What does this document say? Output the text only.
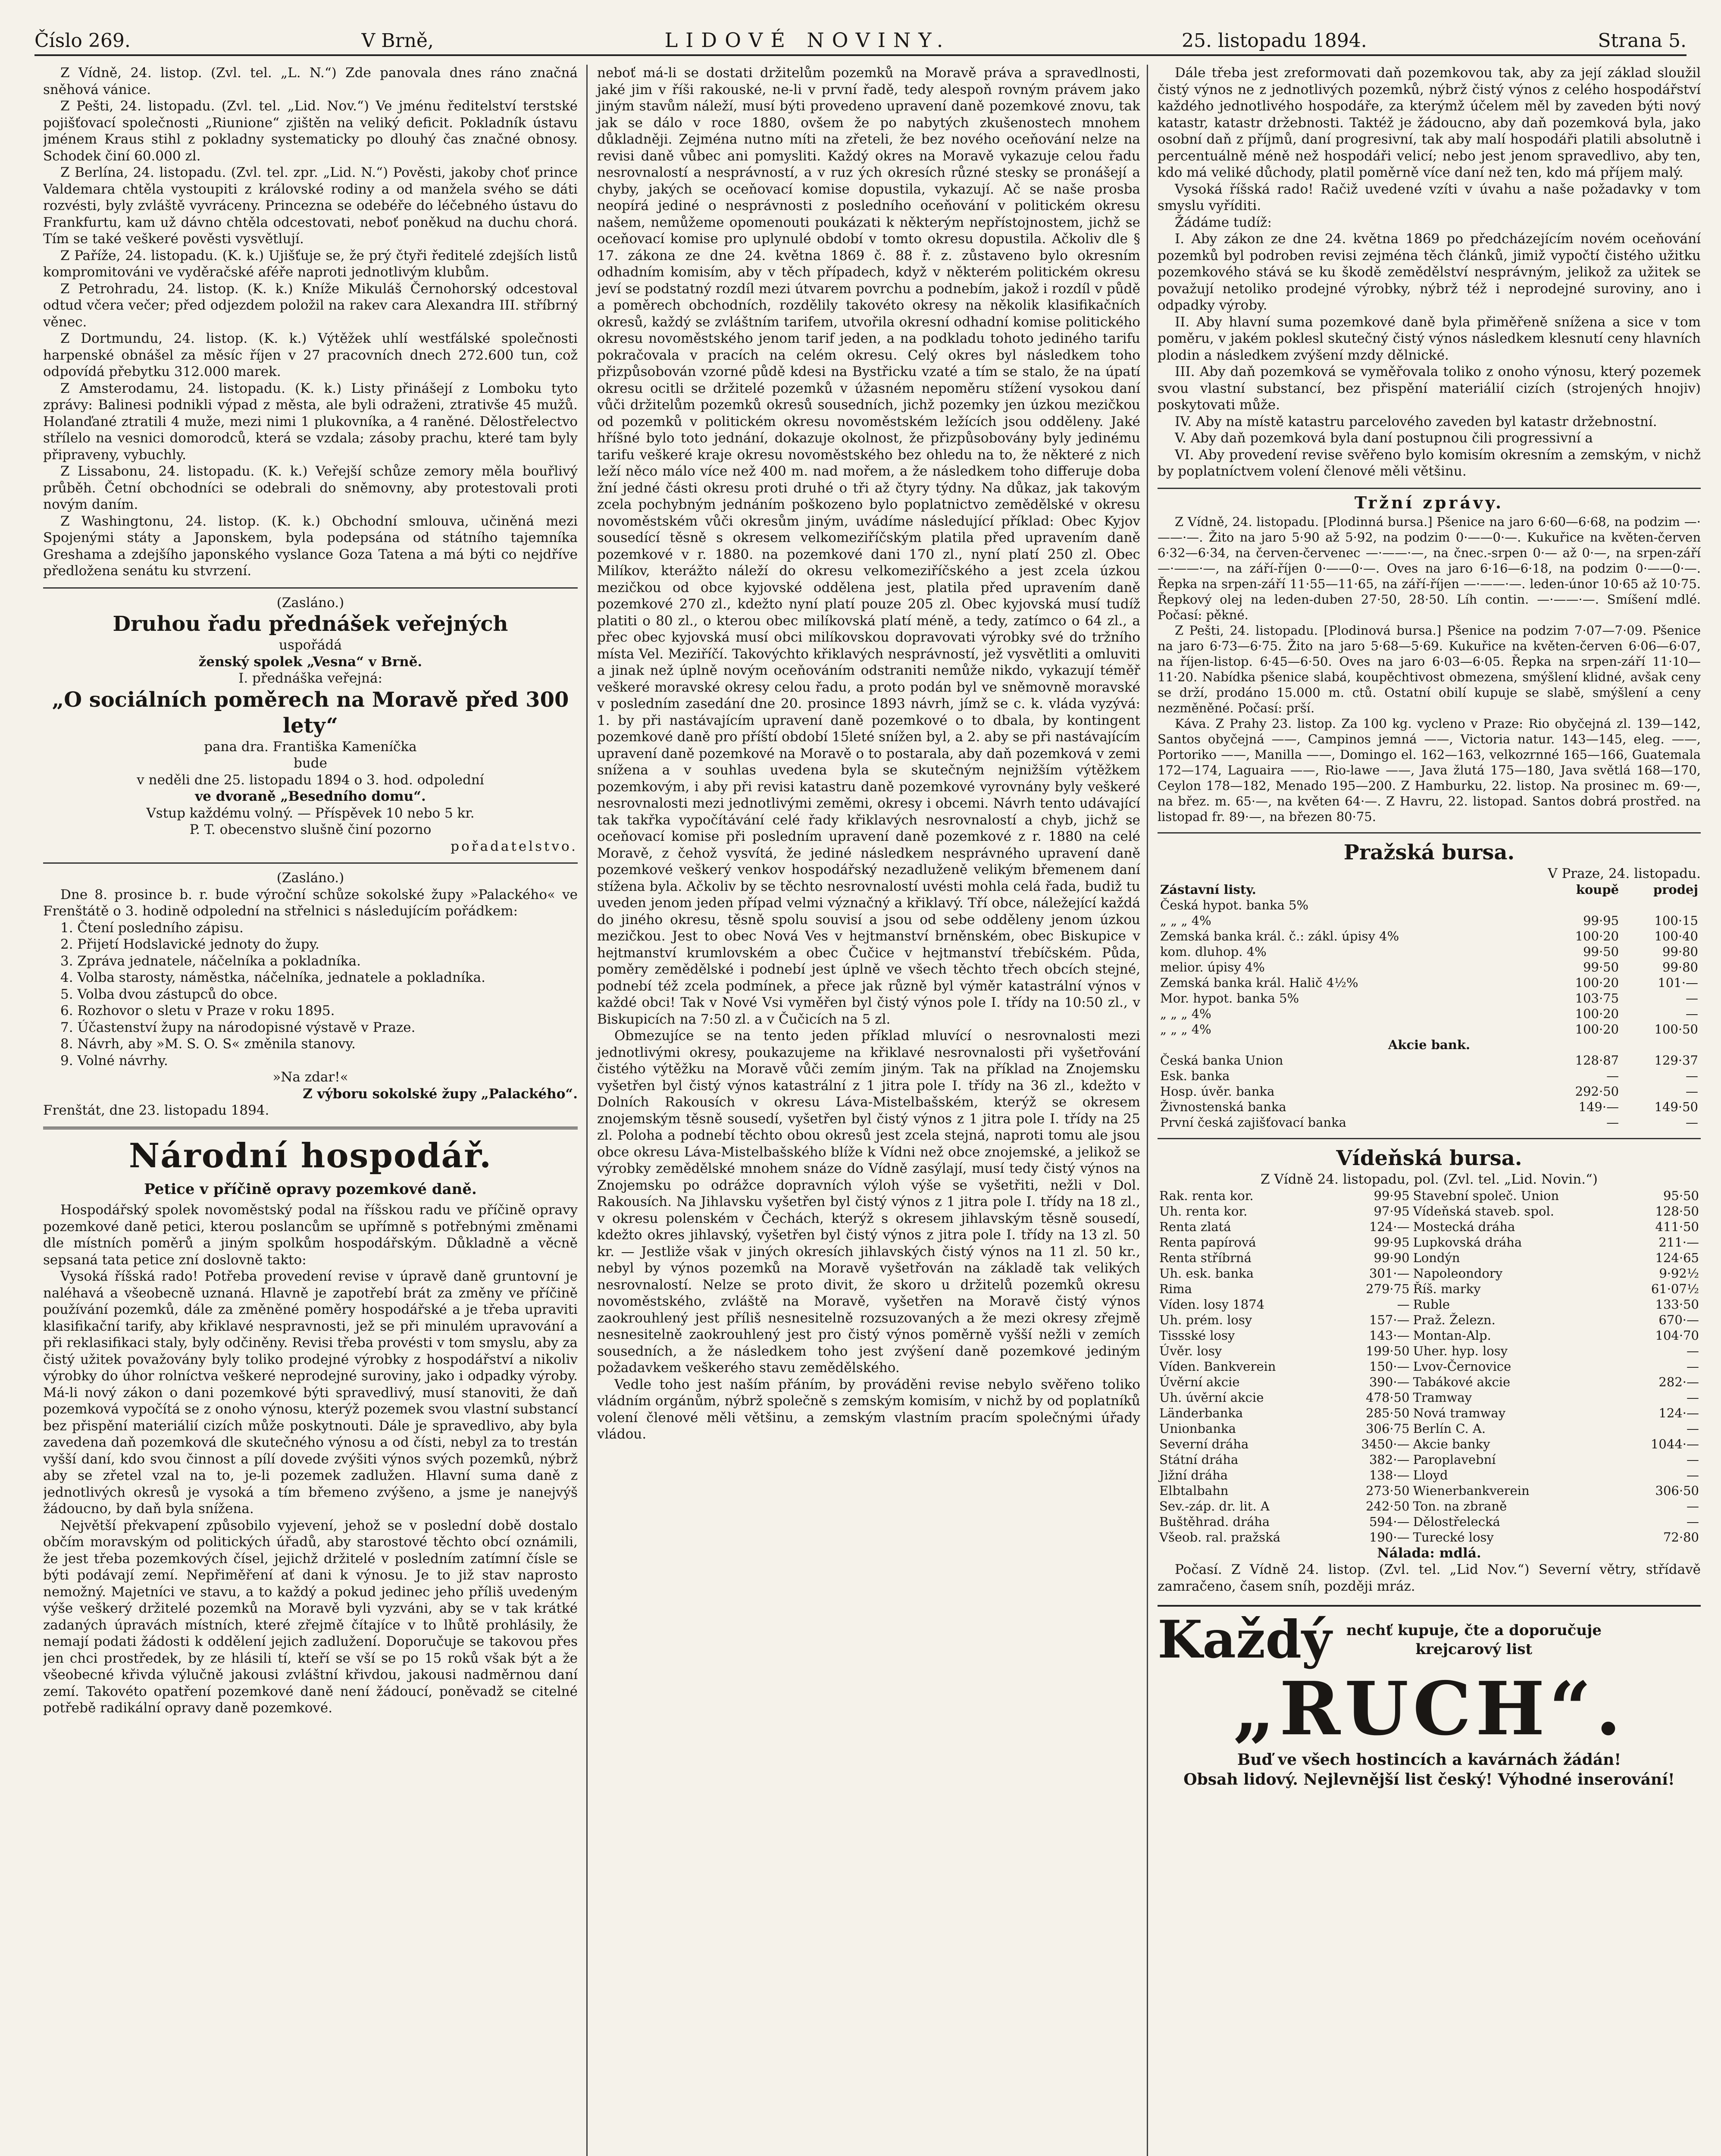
Číslo 269.	V Brně,	LIDOVÉ NOVINY.	25. listopadu 1894.	Strana 5.

Z Vídně, 24. listop. (Zvl. tel. „L. N.“) Zde panovala dnes ráno značná sněhová vánice.

Z Pešti, 24. listopadu. (Zvl. tel. „Lid. Nov.“) Ve jménu ředitelství terstské pojišťovací společnosti „Riunione“ zjištěn na veliký deficit. Pokladník ústavu jménem Kraus stihl z pokladny systematicky po dlouhý čas značné obnosy. Schodek činí 60.000 zl.

Z Berlína, 24. listopadu. (Zvl. tel. zpr. „Lid. N.“) Pověsti, jakoby choť prince Valdemara chtěla vystoupiti z královské rodiny a od manžela svého se dáti rozvésti, byly zvláště vyvráceny. Princezna se odebéře do léčebného ústavu do Frankfurtu, kam už dávno chtěla odcestovati, neboť poněkud na duchu chorá. Tím se také veškeré pověsti vysvětlují.

Z Paříže, 24. listopadu. (K. k.) Ujišťuje se, že prý čtyři ředitelé zdejších listů kompromitováni ve vyděračské aféře naproti jednotlivým klubům.

Z Petrohradu, 24. listop. (K. k.) Kníže Mikuláš Černohorský odcestoval odtud včera večer; před odjezdem položil na rakev cara Alexandra III. stříbrný věnec.

Z Dortmundu, 24. listop. (K. k.) Výtěžek uhlí westfálské společnosti harpenské obnášel za měsíc říjen v 27 pracovních dnech 272.600 tun, což odpovídá přebytku 312.000 marek.

Z Amsterodamu, 24. listopadu. (K. k.) Listy přinášejí z Lomboku tyto zprávy: Balinesi podnikli výpad z města, ale byli odraženi, ztrativše 45 mužů. Holanďané ztratili 4 muže, mezi nimi 1 plukovníka, a 4 raněné. Dělostřelectvo střílelo na vesnici domorodců, která se vzdala; zásoby prachu, které tam byly připraveny, vybuchly.

Z Lissabonu, 24. listopadu. (K. k.) Veřejší schůze zemory měla bouřlivý průběh. Četní obchodníci se odebrali do sněmovny, aby protestovali proti novým daním.

Z Washingtonu, 24. listop. (K. k.) Obchodní smlouva, učiněná mezi Spojenými státy a Japonskem, byla podepsána od státního tajemníka Greshama a zdejšího japonského vyslance Goza Tatena a má býti co nejdříve předložena senátu ku stvrzení.

(Zasláno.)
Druhou řadu přednášek veřejných
uspořádá
ženský spolek „Vesna“ v Brně.
I. přednáška veřejná:
„O sociálních poměrech na Moravě před 300 lety“
pana dra. Františka Kameníčka
bude
v neděli dne 25. listopadu 1894 o 3. hod. odpolední
ve dvoraně „Besedního domu“.
Vstup každému volný. — Příspěvek 10 nebo 5 kr.
P. T. obecenstvo slušně činí pozorno
pořadatelstvo.
(Zasláno.)

Dne 8. prosince b. r. bude výroční schůze sokolské župy »Palackého« ve Frenštátě o 3. hodině odpolední na střelnici s následujícím pořádkem:

1. Čtení posledního zápisu.
2. Přijetí Hodslavické jednoty do župy.
3. Zpráva jednatele, náčelníka a pokladníka.
4. Volba starosty, náměstka, náčelníka, jednatele a pokladníka.
5. Volba dvou zástupců do obce.
6. Rozhovor o sletu v Praze v roku 1895.
7. Účastenství župy na národopisné výstavě v Praze.
8. Návrh, aby »M. S. O. S« změnila stanovy.
9. Volné návrhy.
»Na zdar!«
Z výboru sokolské župy „Palackého“.
Frenštát, dne 23. listopadu 1894.
Národní hospodář.
Petice v příčině opravy pozemkové daně.

Hospodářský spolek novoměstský podal na říšskou radu ve příčině opravy pozemkové daně petici, kterou poslancům se upřímně s potřebnými změnami dle místních poměrů a jiným spolkům hospodářským. Důkladně a věcně sepsaná tata petice zní doslovně takto:

Vysoká říšská rado! Potřeba provedení revise v úpravě daně gruntovní je naléhavá a všeobecně uznaná. Hlavně je zapotřebí brát za změny ve příčině používání pozemků, dále za změněné poměry hospodářské a je třeba upraviti klasifikační tarify, aby křiklavé nespravnosti, jež se při minulém upravování a při reklasifikaci staly, byly odčiněny. Revisi třeba provésti v tom smyslu, aby za čistý užitek považovány byly toliko prodejné výrobky z hospodářství a nikoliv výrobky do úhor rolníctva veškeré neprodejné suroviny, jako i odpadky výroby. Má-li nový zákon o dani pozemkové býti spravedlivý, musí stanoviti, že daň pozemková vypočítá se z onoho výnosu, kterýž pozemek svou vlastní substancí bez přispění materiálií cizích může poskytnouti. Dále je spravedlivo, aby byla zavedena daň pozemková dle skutečného výnosu a od čísti, nebyl za to trestán vyšší daní, kdo svou činnost a pílí dovede zvýšiti výnos svých pozemků, nýbrž aby se zřetel vzal na to, je-li pozemek zadlužen. Hlavní suma daně z jednotlivých okresů je vysoká a tím břemeno zvýšeno, a jsme je nanejvýš žádoucno, by daň byla snížena.

Největší překvapení způsobilo vyjevení, jehož se v poslední době dostalo občím moravským od politických úřadů, aby starostové těchto obcí oznámili, že jest třeba pozemkových čísel, jejichž držitelé v posledním zatímní čísle se býti podávají zemí. Nepřiměření ať dani k výnosu. Je to již stav naprosto nemožný. Majetníci ve stavu, a to každý a pokud jedinec jeho příliš uvedeným výše veškerý držitelé pozemků na Moravě byli vyzváni, aby se v tak krátké zadaných úpravách místních, které zřejmě čítajíce v to lhůtě prohlásily, že nemají podati žádosti k oddělení jejich zadlužení. Doporučuje se takovou přes jen chci prostředek, by ze hlásili tí, kteří se vší se po 15 roků však být a že všeobecné křivda výlučně jakousi zvláštní křivdou, jakousi nadměrnou daní zemí. Takovéto opatření pozemkové daně není žádoucí, poněvadž se citelné potřebě radikální opravy daně pozemkové.

neboť má-li se dostati držitelům pozemků na Moravě práva a spravedlnosti, jaké jim v říši rakouské, ne-li v první řadě, tedy alespoň rovným právem jako jiným stavům náleží, musí býti provedeno upravení daně pozemkové znovu, tak jak se dálo v roce 1880, ovšem že po nabytých zkušenostech mnohem důkladněji. Zejména nutno míti na zřeteli, že bez nového oceňování nelze na revisi daně vůbec ani pomysliti. Každý okres na Moravě vykazuje celou řadu nesrovnalostí a nesprávností, a v ruz ých okresích různé stesky se pronášejí a chyby, jakých se oceňovací komise dopustila, vykazují. Ač se naše prosba neopírá jediné o nesprávnosti z posledního oceňování v politickém okresu našem, nemůžeme opomenouti poukázati k některým nepřístojnostem, jichž se oceňovací komise pro uplynulé období v tomto okresu dopustila. Ačkoliv dle § 17. zákona ze dne 24. května 1869 č. 88 ř. z. zůstaveno bylo okresním odhadním komisím, aby v těch případech, když v některém politickém okresu jeví se podstatný rozdíl mezi útvarem povrchu a podnebím, jakož i rozdíl v půdě a poměrech obchodních, rozdělily takovéto okresy na několik klasifikačních okresů, každý se zvláštním tarifem, utvořila okresní odhadní komise politického okresu novoměstského jenom tarif jeden, a na podkladu tohoto jediného tarifu pokračovala v pracích na celém okresu. Celý okres byl následkem toho přizpůsobován vzorné půdě kdesi na Bystřicku vzaté a tím se stalo, že na úpatí okresu ocitli se držitelé pozemků v úžasném nepoměru stížení vysokou daní vůči držitelům pozemků okresů sousedních, jichž pozemky jen úzkou mezičkou od pozemků v politickém okresu novoměstském ležících jsou odděleny. Jaké hříšné bylo toto jednání, dokazuje okolnost, že přizpůsobovány byly jedinému tarifu veškeré kraje okresu novoměstského bez ohledu na to, že některé z nich leží něco málo více než 400 m. nad mořem, a že následkem toho differuje doba žní jedné části okresu proti druhé o tři až čtyry týdny. Na důkaz, jak takovým zcela pochybným jednáním poškozeno bylo poplatnictvo zemědělské v okresu novoměstském vůči okresům jiným, uvádíme následující příklad: Obec Kyjov sousedící těsně s okresem velkomeziříčským platila před upravením daně pozemkové v r. 1880. na pozemkové dani 170 zl., nyní platí 250 zl. Obec Milíkov, kterážto náleží do okresu velkomeziříčského a jest zcela úzkou mezičkou od obce kyjovské oddělena jest, platila před upravením daně pozemkové 270 zl., kdežto nyní platí pouze 205 zl. Obec kyjovská musí tudíž platiti o 80 zl., o kterou obec milíkovská platí méně, a tedy, zatímco o 64 zl., a přec obec kyjovská musí obci milíkovskou dopravovati výrobky své do tržního místa Vel. Meziříčí. Takovýchto křiklavých nesprávností, jež vysvětliti a omluviti a jinak než úplně novým oceňováním odstraniti nemůže nikdo, vykazují téměř veškeré moravské okresy celou řadu, a proto podán byl ve sněmovně moravské v posledním zasedání dne 20. prosince 1893 návrh, jímž se c. k. vláda vyzývá: 1. by při nastávajícím upravení daně pozemkové o to dbala, by kontingent pozemkové daně pro příští období 15leté snížen byl, a 2. aby se při nastávajícím upravení daně pozemkové na Moravě o to postarala, aby daň pozemková v zemi snížena a v souhlas uvedena byla se skutečným nejnižším výtěžkem pozemkovým, i aby při revisi katastru daně pozemkové vyrovnány byly veškeré nesrovnalosti mezi jednotlivými zeměmi, okresy i obcemi. Návrh tento udávající tak takřka vypočítávání celé řady křiklavých nesrovnalostí a chyb, jichž se oceňovací komise při posledním upravení daně pozemkové z r. 1880 na celé Moravě, z čehož vysvítá, že jediné následkem nesprávného upravení daně pozemkové veškerý venkov hospodářský nezadluženě velikým břemenem daní stížena byla. Ačkoliv by se těchto nesrovnalostí uvésti mohla celá řada, budiž tu uveden jenom jeden případ velmi význačný a křiklavý. Tří obce, náležející každá do jiného okresu, těsně spolu souvisí a jsou od sebe odděleny jenom úzkou mezičkou. Jest to obec Nová Ves v hejtmanství brněnském, obec Biskupice v hejtmanství krumlovském a obec Čučice v hejtmanství třebíčském. Půda, poměry zemědělské i podnebí jest úplně ve všech těchto třech obcích stejné, podnebí též zcela podmínek, a přece jak různě byl výměr katastrální výnos v každé obci! Tak v Nové Vsi vyměřen byl čistý výnos pole I. třídy na 10:50 zl., v Biskupicích na 7:50 zl. a v Čučicích na 5 zl.

Obmezujíce se na tento jeden příklad mluvící o nesrovnalosti mezi jednotlivými okresy, poukazujeme na křiklavé nesrovnalosti při vyšetřování čistého výtěžku na Moravě vůči zemím jiným. Tak na příklad na Znojemsku vyšetřen byl čistý výnos katastrální z 1 jitra pole I. třídy na 36 zl., kdežto v Dolních Rakousích v okresu Láva-Mistelbašském, kterýž se okresem znojemským těsně sousedí, vyšetřen byl čistý výnos z 1 jitra pole I. třídy na 25 zl. Poloha a podnebí těchto obou okresů jest zcela stejná, naproti tomu ale jsou obce okresu Láva-Mistelbašského blíže k Vídni než obce znojemské, a jelikož se výrobky zemědělské mnohem snáze do Vídně zasýlají, musí tedy čistý výnos na Znojemsku po odrážce dopravních výloh výše se vyšetřiti, nežli v Dol. Rakousích. Na Jihlavsku vyšetřen byl čistý výnos z 1 jitra pole I. třídy na 18 zl., v okresu polenském v Čechách, kterýž s okresem jihlavským těsně sousedí, kdežto okres jihlavský, vyšetřen byl čistý výnos z jitra pole I. třídy na 13 zl. 50 kr. — Jestliže však v jiných okresích jihlavských čistý výnos na 11 zl. 50 kr., nebyl by výnos pozemků na Moravě vyšetřován na základě tak velikých nesrovnalostí. Nelze se proto divit, že skoro u držitelů pozemků okresu novoměstského, zvláště na Moravě, vyšetřen na Moravě čistý výnos zaokrouhlený jest příliš nesnesitelně rozsuzovaných a že mezi okresy zřejmě nesnesitelně zaokrouhlený jest pro čistý výnos poměrně vyšší nežli v zemích sousedních, a že následkem toho jest zvýšení daně pozemkové jediným požadavkem veškerého stavu zemědělského.

Vedle toho jest naším přáním, by prováděni revise nebylo svěřeno toliko vládním orgánům, nýbrž společně s zemským komisím, v nichž by od poplatníků volení členové měli většinu, a zemským vlastním pracím společnými úřady vládou.

Dále třeba jest zreformovati daň pozemkovou tak, aby za její základ sloužil čistý výnos ne z jednotlivých pozemků, nýbrž čistý výnos z celého hospodářství každého jednotlivého hospodáře, za kterýmž účelem měl by zaveden býti nový katastr, katastr držebnosti. Taktéž je žádoucno, aby daň pozemková byla, jako osobní daň z příjmů, daní progresivní, tak aby malí hospodáři platili absolutně i percentuálně méně než hospodáři velicí; nebo jest jenom spravedlivo, aby ten, kdo má veliké důchody, platil poměrně více daní než ten, kdo má příjem malý.

Vysoká říšská rado! Račiž uvedené vzíti v úvahu a naše požadavky v tom smyslu vyříditi.

Žádáme tudíž:

I. Aby zákon ze dne 24. května 1869 po předcházejícím novém oceňování pozemků byl podroben revisi zejména těch článků, jimiž vypočtí čistého užitku pozemkového stává se ku škodě zemědělství nesprávným, jelikož za užitek se považují netoliko prodejné výrobky, nýbrž též i neprodejné suroviny, ano i odpadky výroby.

II. Aby hlavní suma pozemkové daně byla přiměřeně snížena a sice v tom poměru, v jakém poklesl skutečný čistý výnos následkem klesnutí ceny hlavních plodin a následkem zvýšení mzdy dělnické.

III. Aby daň pozemková se vyměřovala toliko z onoho výnosu, který pozemek svou vlastní substancí, bez přispění materiálií cizích (strojených hnojiv) poskytovati může.

IV. Aby na místě katastru parcelového zaveden byl katastr držebnostní.

V. Aby daň pozemková byla daní postupnou čili progressivní a

VI. Aby provedení revise svěřeno bylo komisím okresním a zemským, v nichž by poplatníctvem volení členové měli většinu.

Tržní zprávy.

Z Vídně, 24. listopadu. [Plodinná bursa.] Pšenice na jaro 6·60—6·68, na podzim —·——·—. Žito na jaro 5·90 až 5·92, na podzim 0·——0·—. Kukuřice na květen-červen 6·32—6·34, na červen-červenec —·——·—, na čnec.-srpen 0·— až 0·—, na srpen-září —·——·—, na září-říjen 0·——0·—. Oves na jaro 6·16—6·18, na podzim 0·——0·—. Řepka na srpen-září 11·55—11·65, na září-říjen —·——·—. leden-únor 10·65 až 10·75. Řepkový olej na leden-duben 27·50, 28·50. Líh contin. —·——·—. Smíšení mdlé. Počasí: pěkné.

Z Pešti, 24. listopadu. [Plodinová bursa.] Pšenice na podzim 7·07—7·09. Pšenice na jaro 6·73—6·75. Žito na jaro 5·68—5·69. Kukuřice na květen-červen 6·06—6·07, na říjen-listop. 6·45—6·50. Oves na jaro 6·03—6·05. Řepka na srpen-září 11·10—11·20. Nabídka pšenice slabá, koupěchtivost obmezena, smýšlení klidné, avšak ceny se drží, prodáno 15.000 m. ctů. Ostatní obilí kupuje se slabě, smýšlení a ceny nezměněné. Počasí: prší.

Káva. Z Prahy 23. listop. Za 100 kg. vycleno v Praze: Rio obyčejná zl. 139—142, Santos obyčejná ——, Campinos jemná ——, Victoria natur. 143—145, eleg. ——, Portoriko ——, Manilla ——, Domingo el. 162—163, velkozrnné 165—166, Guatemala 172—174, Laguaira ——, Rio-lawe ——, Java žlutá 175—180, Java světlá 168—170, Ceylon 178—182, Menado 195—200. Z Hamburku, 22. listop. Na prosinec m. 69·—, na břez. m. 65·—, na květen 64·—. Z Havru, 22. listopad. Santos dobrá prostřed. na listopad fr. 89·—, na březen 80·75.

Pražská bursa.
V Praze, 24. listopadu.
Zástavní listy.	koupě	prodej
Česká hypot. banka 5%		
„ „ „ 4%	99·95	100·15
Zemská banka král. č.: zákl. úpisy 4%	100·20	100·40
kom. dluhop. 4%	99·50	99·80
melior. úpisy 4%	99·50	99·80
Zemská banka král. Halič 4½%	100·20	101·—
Mor. hypot. banka 5%	103·75	—
„ „ „ 4%	100·20	—
„ „ „ 4%	100·20	100·50
Akcie bank.		
Česká banka Union	128·87	129·37
Esk. banka	—	—
Hosp. úvěr. banka	292·50	—
Živnostenská banka	149·—	149·50
První česká zajišťovací banka	—	—
Vídeňská bursa.
Z Vídně 24. listopadu, pol. (Zvl. tel. „Lid. Novin.“)
Rak. renta kor.	99·95	Stavební společ. Union	95·50
Uh. renta kor.	97·95	Vídeňská staveb. spol.	128·50
Renta zlatá	124·—	Mostecká dráha	411·50
Renta papírová	99·95	Lupkovská dráha	211·—
Renta stříbrná	99·90	Londýn	124·65
Uh. esk. banka	301·—	Napoleondory	9·92½
Rima	279·75	Říš. marky	61·07½
Víden. losy 1874	—	Ruble	133·50
Uh. prém. losy	157·—	Praž. Železn.	670·—
Tissské losy	143·—	Montan-Alp.	104·70
Úvěr. losy	199·50	Uher. hyp. losy	—
Víden. Bankverein	150·—	Lvov-Černovice	—
Úvěrní akcie	390·—	Tabákové akcie	282·—
Uh. úvěrní akcie	478·50	Tramway	—
Länderbanka	285·50	Nová tramway	124·—
Unionbanka	306·75	Berlín C. A.	—
Severní dráha	3450·—	Akcie banky	1044·—
Státní dráha	382·—	Paroplavební	—
Jižní dráha	138·—	Lloyd	—
Elbtalbahn	273·50	Wienerbankverein	306·50
Sev.-záp. dr. lit. A	242·50	Ton. na zbraně	—
Buštěhrad. dráha	594·—	Dělostřelecká	—
Všeob. ral. pražská	190·—	Turecké losy	72·80
Nálada: mdlá.

Počasí. Z Vídně 24. listop. (Zvl. tel. „Lid Nov.“) Severní větry, střídavě zamračeno, časem sníh, později mráz.

Každý nechť kupuje, čte a doporučuje
krejcarový list
„RUCH“.
Buď ve všech hostincích a kavárnách žádán!
Obsah lidový. Nejlevnější list český! Výhodné inserování!
